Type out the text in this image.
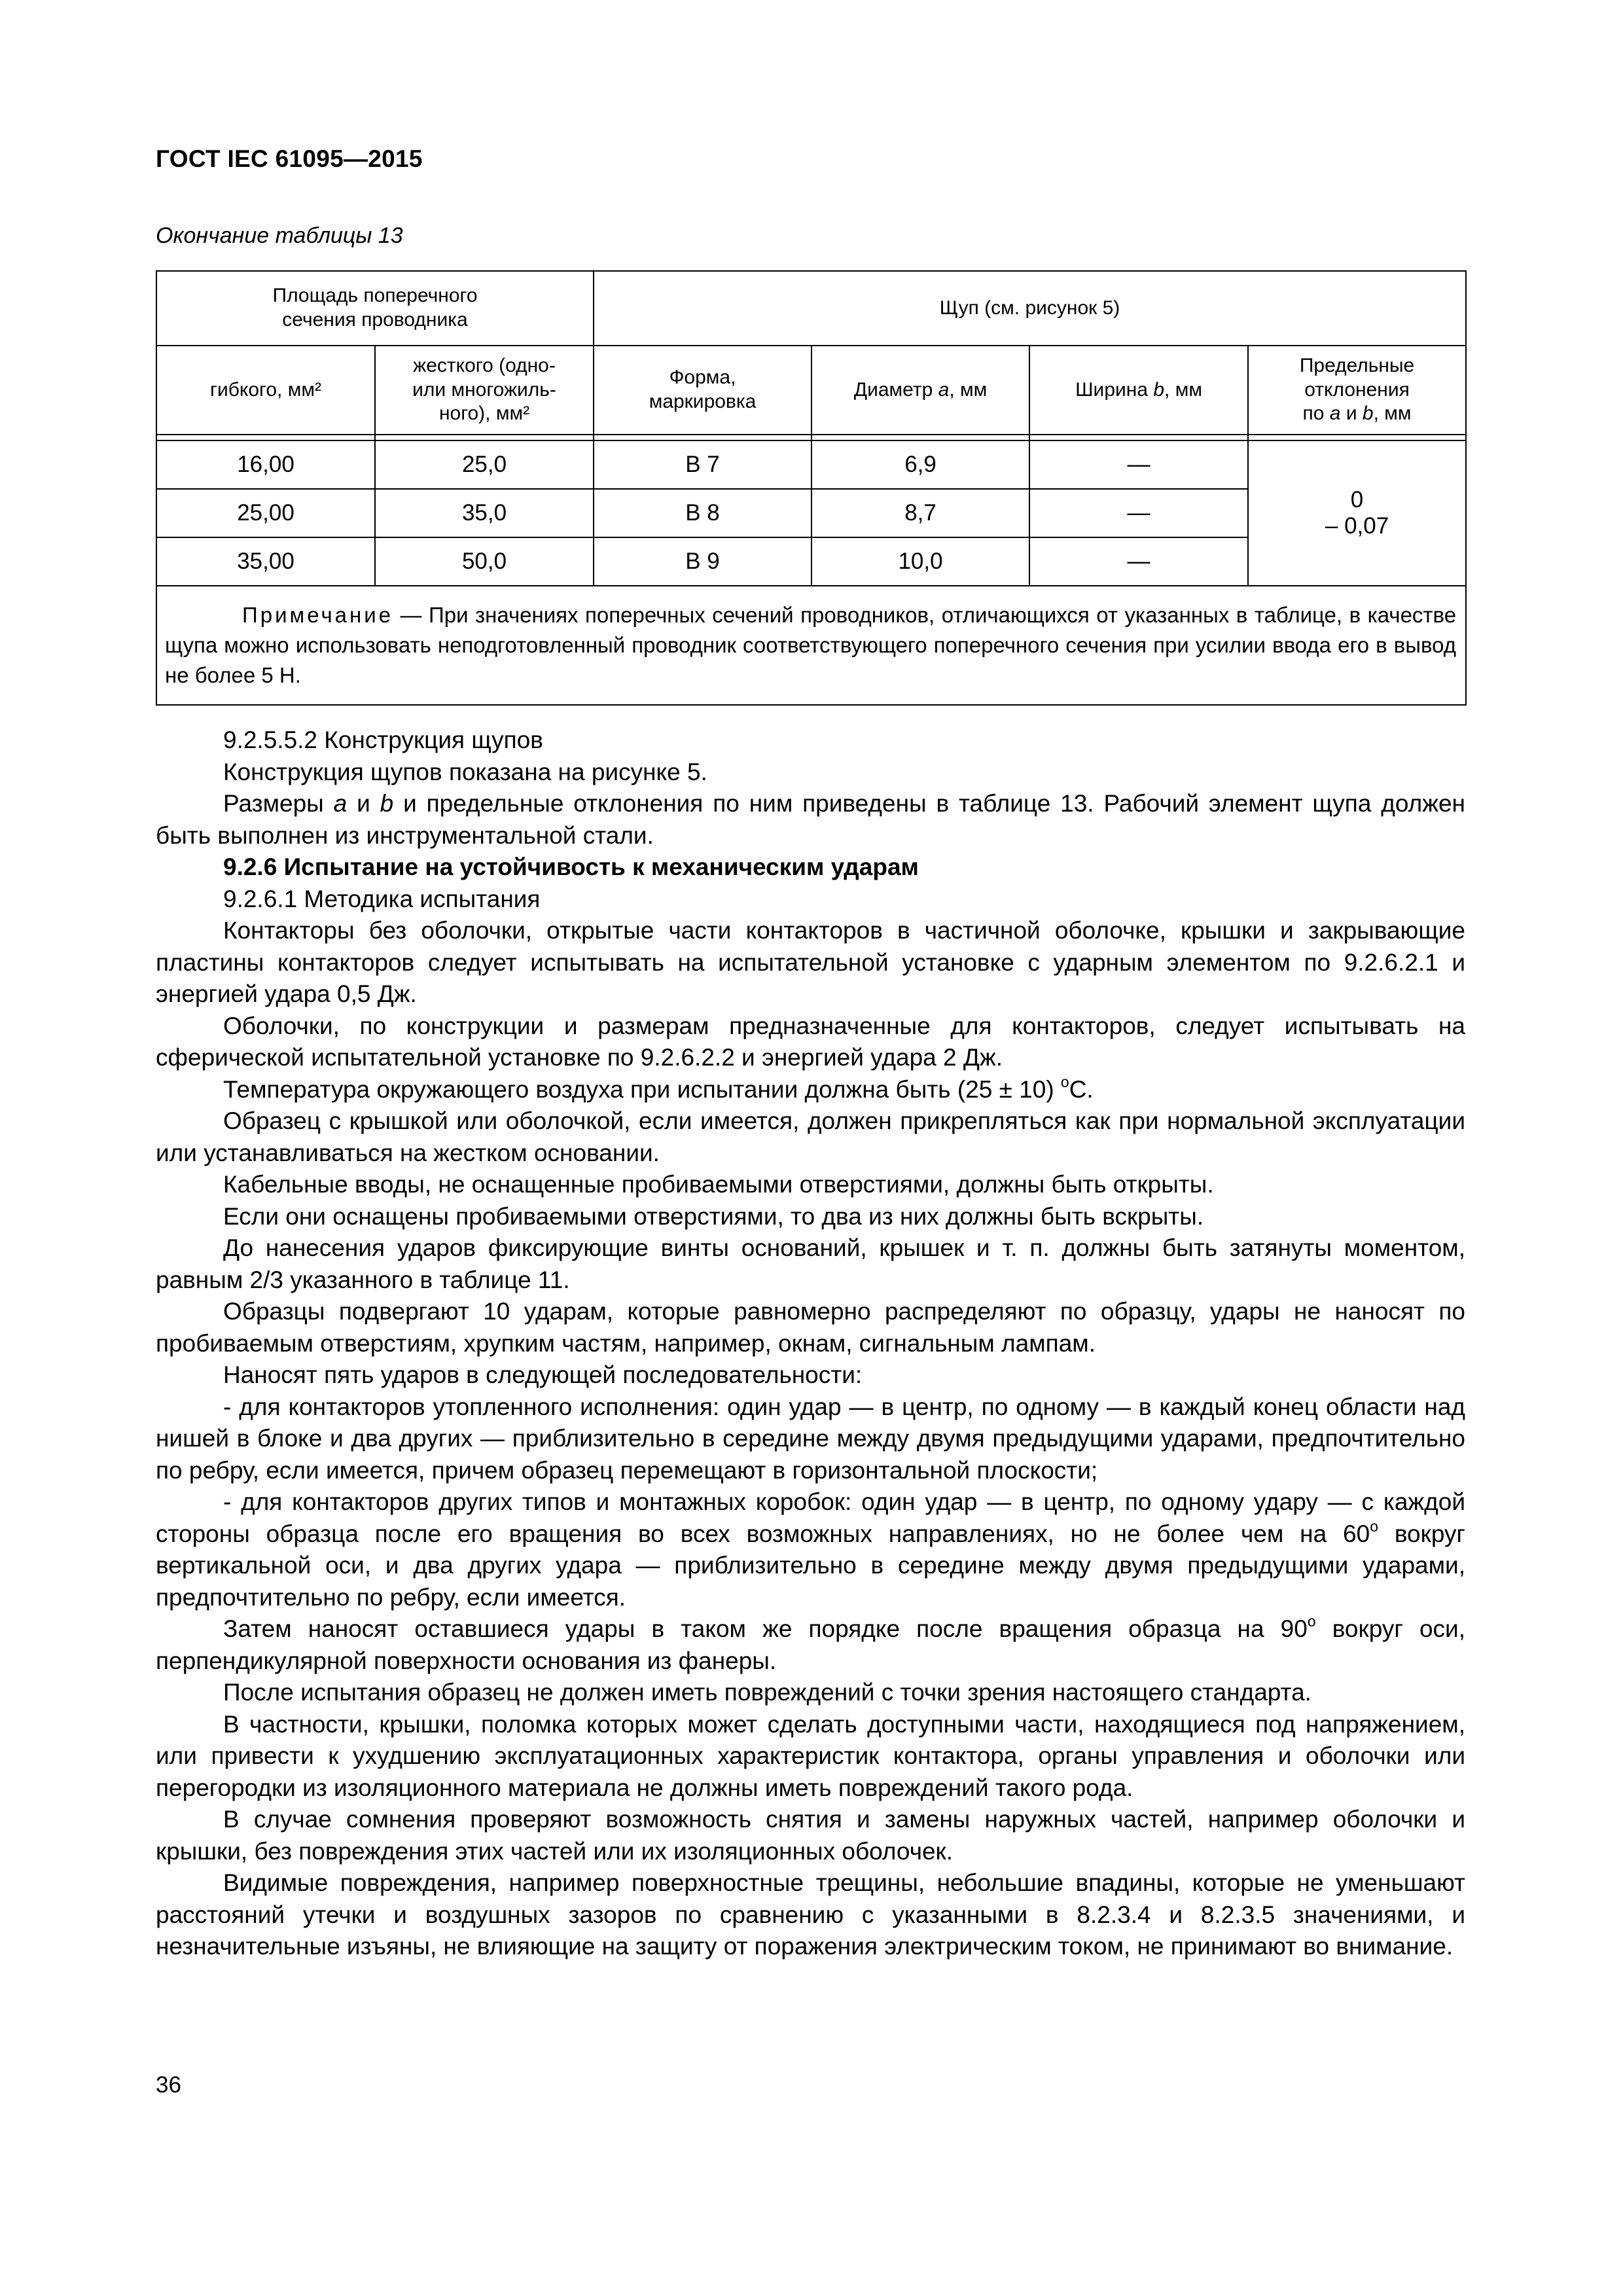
ГОСТ IEC 61095—2015
Окончание таблицы 13
Площадь поперечного сечения проводника		Щуп (см. рисунок 5)			

гибкого, мм²	жесткого (одно- или многожильного), мм²	Форма, маркировка	Диаметр a, мм	Ширина b, мм	Предельные
отклонения
по a и b, мм

16,00	25,0	B 7	6,9	—	0
– 0,07

25,00	35,0	B 8	8,7	—	
35,00	50,0	B 9	10,0	—	
Примечание — При значениях поперечных сечений проводников, отличающихся от указанных в таблице, в качестве щупа можно использовать неподготовленный проводник соответствующего поперечного сечения при усилии ввода его в вывод не более 5 Н.					

9.2.5.5.2 Конструкция щупов

Конструкция щупов показана на рисунке 5.

Размеры a и b и предельные отклонения по ним приведены в таблице 13. Рабочий элемент щупа должен быть выполнен из инструментальной стали.

9.2.6 Испытание на устойчивость к механическим ударам

9.2.6.1 Методика испытания

Контакторы без оболочки, открытые части контакторов в частичной оболочке, крышки и закрывающие пластины контакторов следует испытывать на испытательной установке с ударным элементом по 9.2.6.2.1 и энергией удара 0,5 Дж.

Оболочки, по конструкции и размерам предназначенные для контакторов, следует испытывать на сферической испытательной установке по 9.2.6.2.2 и энергией удара 2 Дж.

Температура окружающего воздуха при испытании должна быть (25 ± 10) $^о$С.

Образец с крышкой или оболочкой, если имеется, должен прикрепляться как при нормальной эксплуатации или устанавливаться на жестком основании.

Кабельные вводы, не оснащенные пробиваемыми отверстиями, должны быть открыты.

Если они оснащены пробиваемыми отверстиями, то два из них должны быть вскрыты.

До нанесения ударов фиксирующие винты оснований, крышек и т. п. должны быть затянуты моментом, равным 2/3 указанного в таблице 11.

Образцы подвергают 10 ударам, которые равномерно распределяют по образцу, удары не наносят по пробиваемым отверстиям, хрупким частям, например, окнам, сигнальным лампам.

Наносят пять ударов в следующей последовательности:

- для контакторов утопленного исполнения: один удар — в центр, по одному — в каждый конец области над нишей в блоке и два других — приблизительно в середине между двумя предыдущими ударами, предпочтительно по ребру, если имеется, причем образец перемещают в горизонтальной плоскости;

- для контакторов других типов и монтажных коробок: один удар — в центр, по одному удару — с каждой стороны образца после его вращения во всех возможных направлениях, но не более чем на $60^о$ вокруг вертикальной оси, и два других удара — приблизительно в середине между двумя предыдущими ударами, предпочтительно по ребру, если имеется.

Затем наносят оставшиеся удары в таком же порядке после вращения образца на $90^о$ вокруг оси, перпендикулярной поверхности основания из фанеры.

После испытания образец не должен иметь повреждений с точки зрения настоящего стандарта.

В частности, крышки, поломка которых может сделать доступными части, находящиеся под напряжением, или привести к ухудшению эксплуатационных характеристик контактора, органы управления и оболочки или перегородки из изоляционного материала не должны иметь повреждений такого рода.

В случае сомнения проверяют возможность снятия и замены наружных частей, например оболочки и крышки, без повреждения этих частей или их изоляционных оболочек.

Видимые повреждения, например поверхностные трещины, небольшие впадины, которые не уменьшают расстояний утечки и воздушных зазоров по сравнению с указанными в 8.2.3.4 и 8.2.3.5 значениями, и незначительные изъяны, не влияющие на защиту от поражения электрическим током, не принимают во внимание.

36
